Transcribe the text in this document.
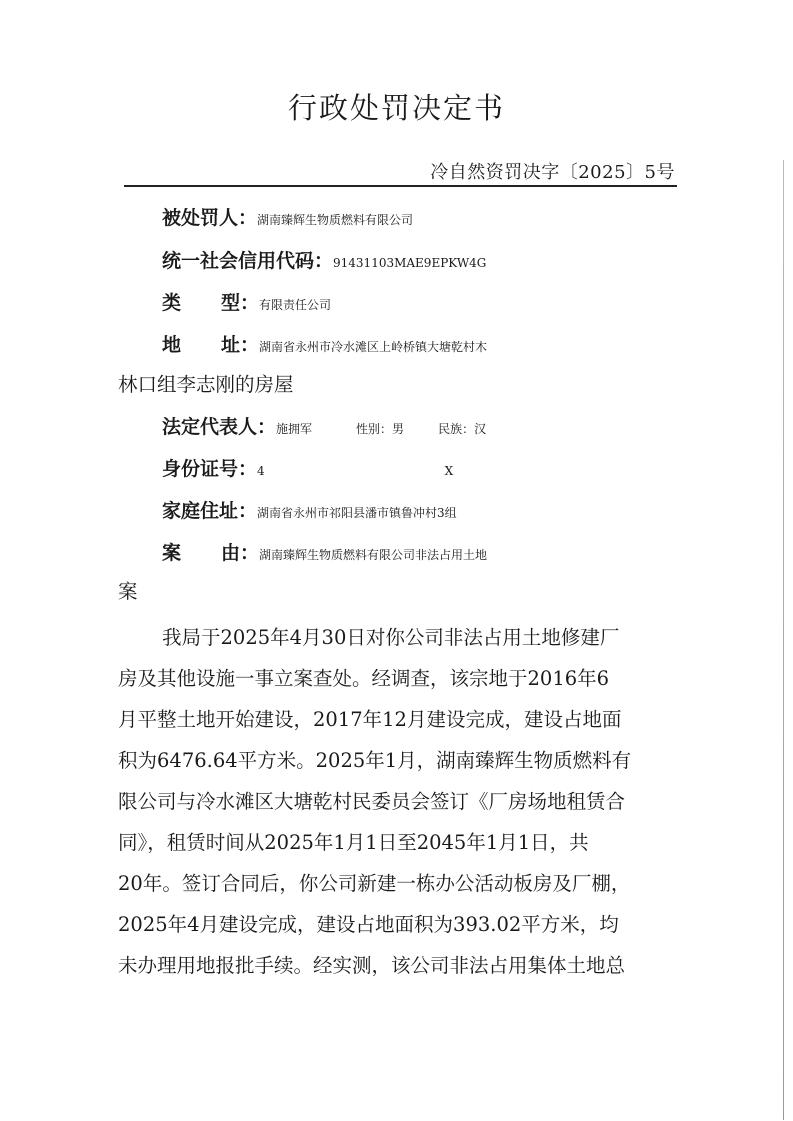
行政处罚决定书
冷自然资罚决字〔2025〕5号
被处罚人：湖南臻辉生物质燃料有限公司
统一社会信用代码：91431103MAE9EPKW4G
类 型：有限责任公司
地 址：湖南省永州市冷水滩区上岭桥镇大塘乾村木
林口组李志刚的房屋
法定代表人：施拥军	性别：男	民族：汉
身份证号：4	X
家庭住址：湖南省永州市祁阳县潘市镇鲁冲村3组
案 由：湖南臻辉生物质燃料有限公司非法占用土地
案
我局于2025年4月30日对你公司非法占用土地修建厂
房及其他设施一事立案查处。经调查，该宗地于2016年6
月平整土地开始建设，2017年12月建设完成，建设占地面
积为6476.64平方米。2025年1月，湖南臻辉生物质燃料有
限公司与冷水滩区大塘乾村民委员会签订《厂房场地租赁合
同》，租赁时间从2025年1月1日至2045年1月1日，共
20年。签订合同后，你公司新建一栋办公活动板房及厂棚，
2025年4月建设完成，建设占地面积为393.02平方米，均
未办理用地报批手续。经实测，该公司非法占用集体土地总
